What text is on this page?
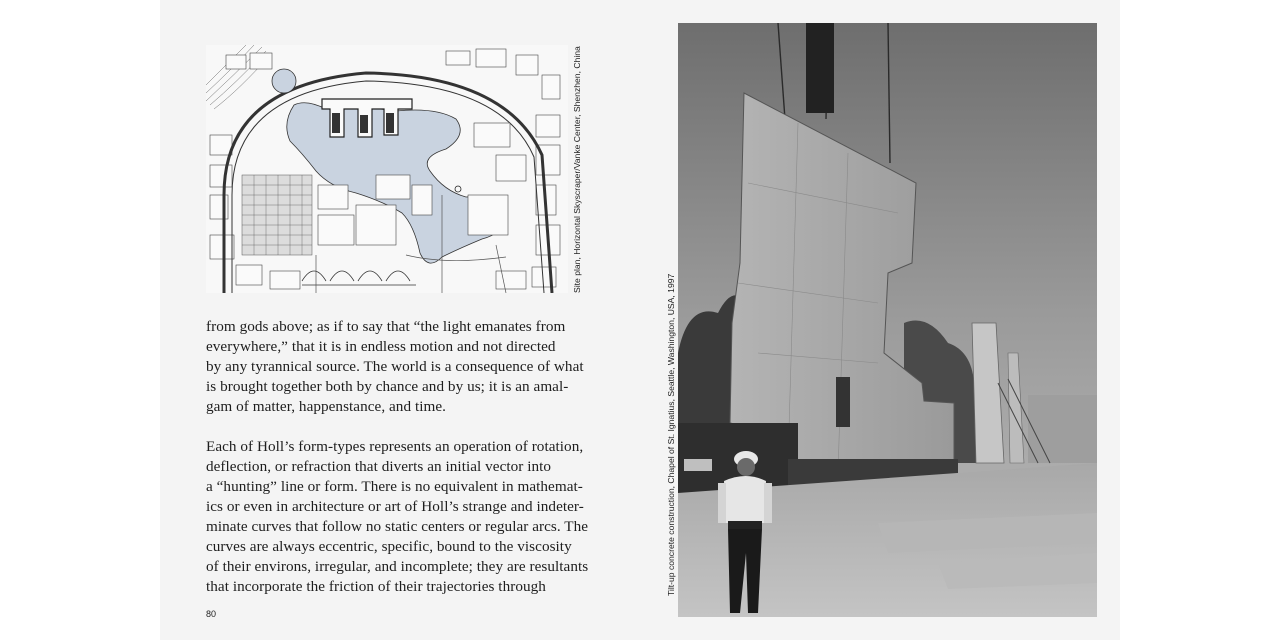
Site plan, Horizontal Skyscraper/Vanke Center, Shenzhen, China
from gods above; as if to say that “the light emanates from
everywhere,” that it is in endless motion and not directed
by any tyrannical source. The world is a consequence of what
is brought together both by chance and by us; it is an amal-
gam of matter, happenstance, and time.
Each of Holl’s form-types represents an operation of rotation,
deflection, or refraction that diverts an initial vector into
a “hunting” line or form. There is no equivalent in mathemat-
ics or even in architecture or art of Holl’s strange and indeter-
minate curves that follow no static centers or regular arcs. The
curves are always eccentric, specific, bound to the viscosity
of their environs, irregular, and incomplete; they are resultants
that incorporate the friction of their trajectories through
80
Tilt-up concrete construction, Chapel of St. Ignatius, Seattle, Washington, USA, 1997
